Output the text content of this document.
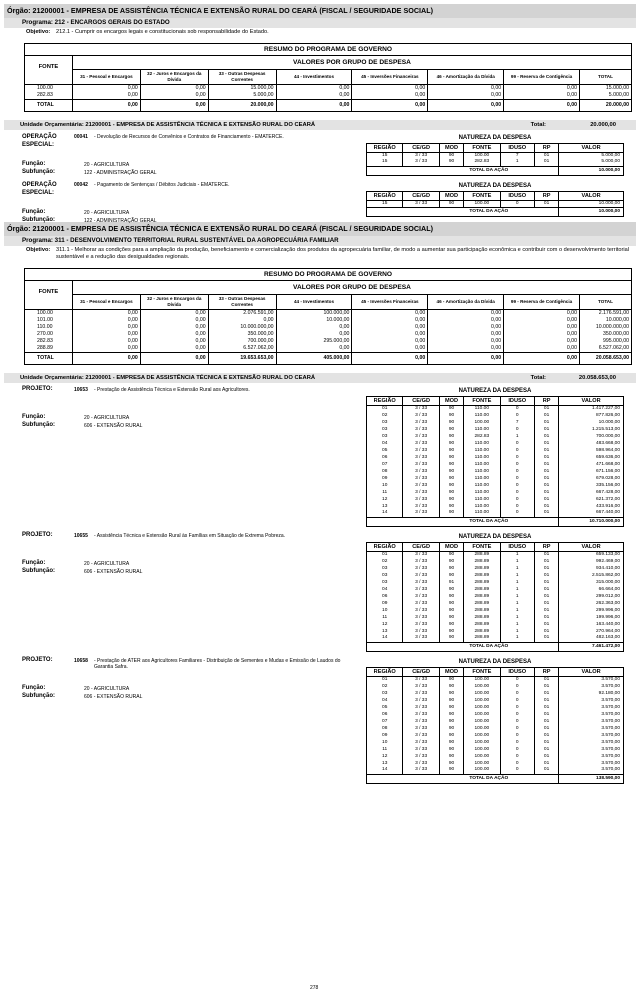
Órgão: 21200001 - EMPRESA DE ASSISTÊNCIA TÉCNICA E EXTENSÃO RURAL DO CEARÁ (FISCAL / SEGURIDADE SOCIAL)
Programa: 212 - ENCARGOS GERAIS DO ESTADO
Objetivo: 212.1 - Cumprir os encargos legais e constitucionais sob responsabilidade do Estado.
RESUMO DO PROGRAMA DE GOVERNO								
FONTE	VALORES POR GRUPO DE DESPESA							
	31 - Pessoal e Encargos	32 - Juros e Encargos da Dívida	33 - Outras Despesas Correntes	44 - Investimentos	45 - Inversões Financeiras	46 - Amortização da Dívida	99 - Reserva de Contigência	TOTAL
100.00	0,00	0,00	15.000,00	0,00	0,00	0,00	0,00	15.000,00
282.83	0,00	0,00	5.000,00	0,00	0,00	0,00	0,00	5.000,00
TOTAL	0,00	0,00	20.000,00	0,00	0,00	0,00	0,00	20.000,00
Unidade Orçamentária: 21200001 - EMPRESA DE ASSISTÊNCIA TÉCNICA E EXTENSÃO RURAL DO CEARÁ	Total:	20.000,00
OPERAÇÃO ESPECIAL:
00041 - Devolução de Recursos de Convênios e Contratos de Financiamento - EMATERCE.
Função:	20 - AGRICULTURA
Subfunção:	122 - ADMINISTRAÇÃO GERAL
NATUREZA DA DESPESA						
REGIÃO	CE/GD	MOD	FONTE	IDUSO	RP	VALOR
15	3 / 33	90	100.00	7	01	5.000,00
15	3 / 33	90	282.83	1	01	5.000,00
TOTAL DA AÇÃO						10.000,00
OPERAÇÃO ESPECIAL:
00042 - Pagamento de Sentenças / Débitos Judiciais - EMATERCE.
Função:	20 - AGRICULTURA
Subfunção:	122 - ADMINISTRAÇÃO GERAL
NATUREZA DA DESPESA						
REGIÃO	CE/GD	MOD	FONTE	IDUSO	RP	VALOR
15	3 / 33	90	100.00	0	01	10.000,00
TOTAL DA AÇÃO						10.000,00
Órgão: 21200001 - EMPRESA DE ASSISTÊNCIA TÉCNICA E EXTENSÃO RURAL DO CEARÁ (FISCAL / SEGURIDADE SOCIAL)
Programa: 311 - DESENVOLVIMENTO TERRITORIAL RURAL SUSTENTÁVEL DA AGROPECUÁRIA FAMILIAR
Objetivo: 311.1 - Melhorar as condições para a ampliação da produção, beneficiamento e comercialização dos produtos da agropecuária familiar, de modo a aumentar sua participação econômica e contribuir com o desenvolvimento territorial sustentável e a redução das desigualdades regionais.
RESUMO DO PROGRAMA DE GOVERNO								
FONTE	VALORES POR GRUPO DE DESPESA							
	31 - Pessoal e Encargos	32 - Juros e Encargos da Dívida	33 - Outras Despesas Correntes	44 - Investimentos	45 - Inversões Financeiras	46 - Amortização da Dívida	99 - Reserva de Contigência	TOTAL
100.00	0,00	0,00	2.076.591,00	100.000,00	0,00	0,00	0,00	2.176.591,00
101.00	0,00	0,00	0,00	10.000,00	0,00	0,00	0,00	10.000,00
110.00	0,00	0,00	10.000.000,00	0,00	0,00	0,00	0,00	10.000.000,00
270.00	0,00	0,00	350.000,00	0,00	0,00	0,00	0,00	350.000,00
282.83	0,00	0,00	700.000,00	295.000,00	0,00	0,00	0,00	995.000,00
288.89	0,00	0,00	6.527.062,00	0,00	0,00	0,00	0,00	6.527.062,00
TOTAL	0,00	0,00	19.653.653,00	405.000,00	0,00	0,00	0,00	20.058.653,00
Unidade Orçamentária: 21200001 - EMPRESA DE ASSISTÊNCIA TÉCNICA E EXTENSÃO RURAL DO CEARÁ	Total:	20.058.653,00
PROJETO:	10653 - Prestação de Assistência Técnica e Extensão Rural aos Agricultores.
Função:	20 - AGRICULTURA
Subfunção:	606 - EXTENSÃO RURAL
NATUREZA DA DESPESA						
REGIÃO	CE/GD	MOD	FONTE	IDUSO	RP	VALOR
01	3 / 33	90	110.00	0	01	1.417.227,00
02	3 / 33	90	110.00	0	01	877.826,00
03	3 / 33	90	100.00	7	01	10.000,00
03	3 / 33	90	110.00	0	01	1.215.513,00
03	3 / 33	90	282.83	1	01	700.000,00
04	3 / 33	90	110.00	0	01	483.668,00
05	3 / 33	90	110.00	0	01	598.964,00
06	3 / 33	90	110.00	0	01	659.636,00
07	3 / 33	90	110.00	0	01	471.668,00
08	3 / 33	90	110.00	0	01	671.156,00
09	3 / 33	90	110.00	0	01	679.028,00
10	3 / 33	90	110.00	0	01	335.156,00
11	3 / 33	90	110.00	0	01	667.428,00
12	3 / 33	90	110.00	0	01	621.372,00
13	3 / 33	90	110.00	0	01	433.916,00
14	3 / 33	90	110.00	0	01	667.440,00
TOTAL DA AÇÃO						10.710.000,00
PROJETO:	10655 - Assistência Técnica e Extensão Rural às Famílias em Situação de Extrema Pobreza.
Função:	20 - AGRICULTURA
Subfunção:	606 - EXTENSÃO RURAL
NATUREZA DA DESPESA						
REGIÃO	CE/GD	MOD	FONTE	IDUSO	RP	VALOR
01	3 / 33	90	288.89	1	01	659.133,00
02	3 / 33	90	288.89	1	01	992.469,00
03	3 / 33	90	288.89	1	01	934.410,00
03	3 / 33	90	288.89	1	01	2.515.862,00
03	3 / 33	91	288.89	1	01	315.000,00
04	3 / 33	90	288.89	1	01	66.664,00
06	3 / 33	90	288.89	1	01	299.012,00
09	3 / 33	90	288.89	1	01	262.363,00
10	3 / 33	90	288.89	1	01	299.996,00
11	3 / 33	90	288.89	1	01	199.996,00
12	3 / 33	90	288.89	1	01	163.440,00
13	3 / 33	90	288.89	1	01	270.964,00
14	3 / 33	90	288.89	1	01	482.163,00
TOTAL DA AÇÃO						7.461.472,00
PROJETO:	10658 - Prestação de ATER aos Agricultores Familiares - Distribuição de Sementes e Mudas e Emissão de Laudos do Garantia Safra.
Função:	20 - AGRICULTURA
Subfunção:	606 - EXTENSÃO RURAL
NATUREZA DA DESPESA						
REGIÃO	CE/GD	MOD	FONTE	IDUSO	RP	VALOR
01	3 / 33	90	100.00	0	01	3.570,00
02	3 / 33	90	100.00	0	01	3.570,00
03	3 / 33	90	100.00	0	01	92.180,00
04	3 / 33	90	100.00	0	01	3.570,00
05	3 / 33	90	100.00	0	01	3.570,00
06	3 / 33	90	100.00	0	01	3.570,00
07	3 / 33	90	100.00	0	01	3.570,00
08	3 / 33	90	100.00	0	01	3.570,00
09	3 / 33	90	100.00	0	01	3.570,00
10	3 / 33	90	100.00	0	01	3.570,00
11	3 / 33	90	100.00	0	01	3.570,00
12	3 / 33	90	100.00	0	01	3.570,00
13	3 / 33	90	100.00	0	01	3.570,00
14	3 / 33	90	100.00	0	01	3.570,00
TOTAL DA AÇÃO						138.590,00
278
